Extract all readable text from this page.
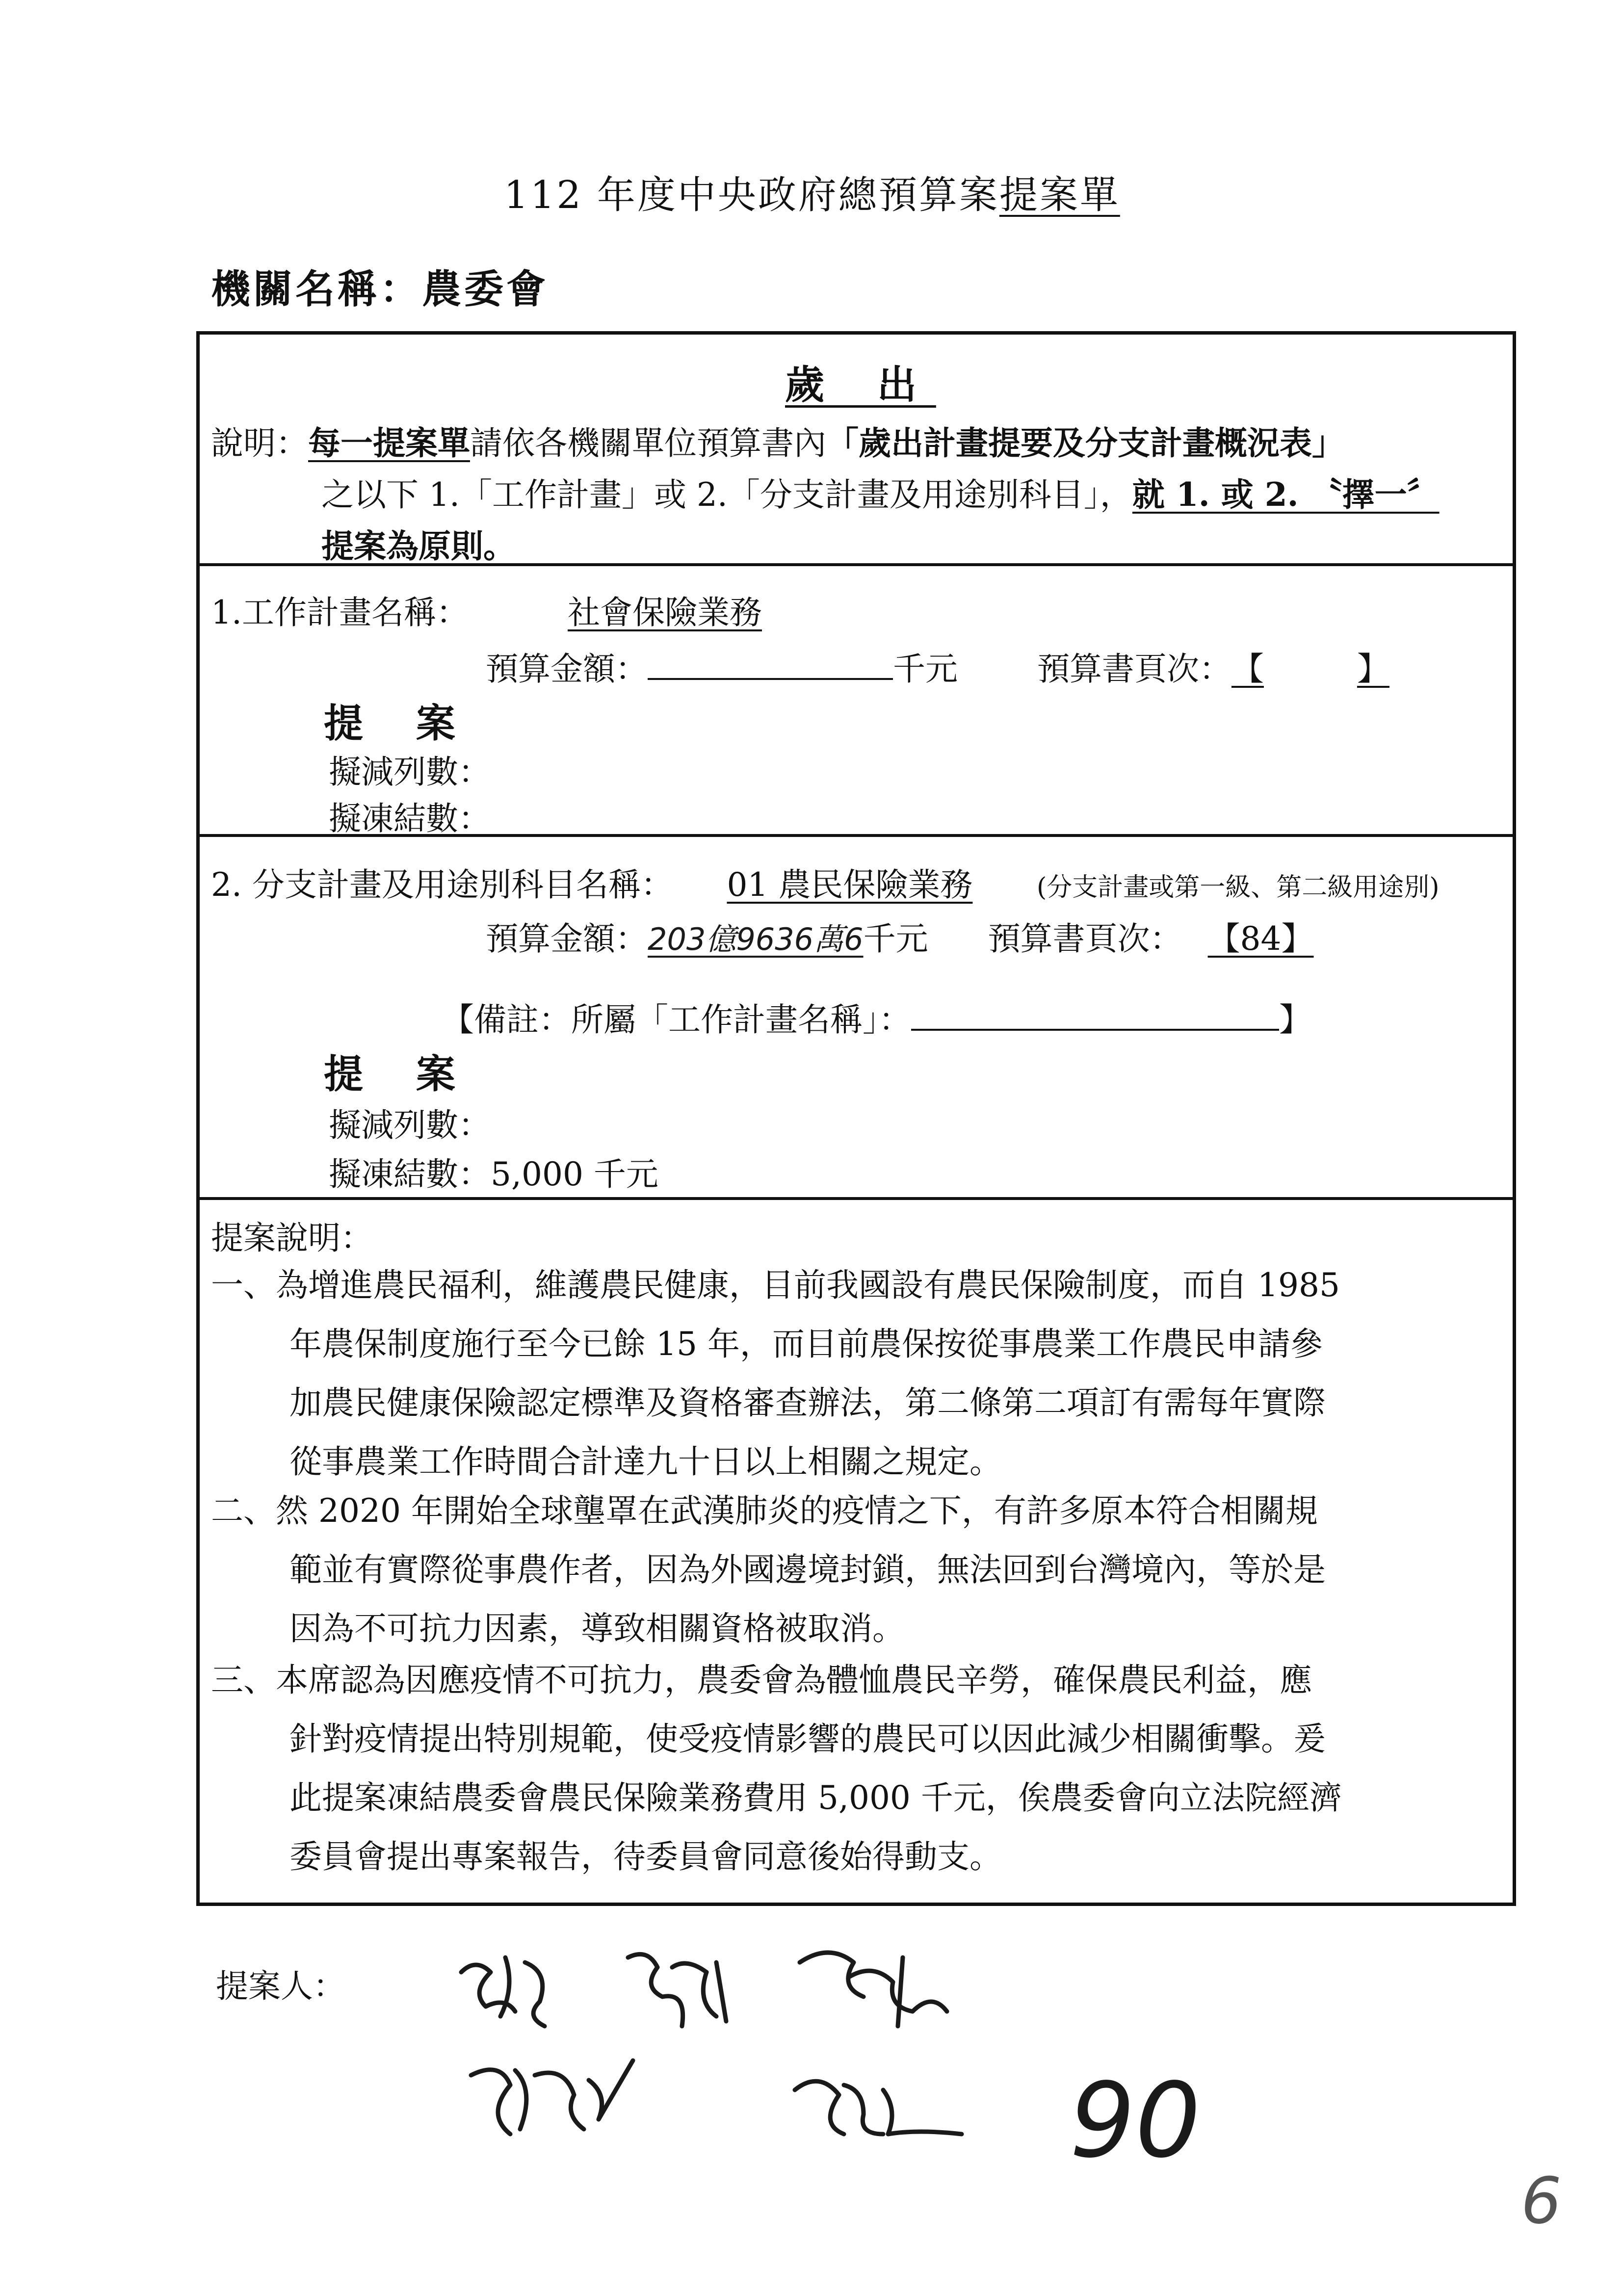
112 年度中央政府總預算案提案單
機關名稱：農委會
歲 出
說明：每一提案單請依各機關單位預算書內「歲出計畫提要及分支計畫概況表」
之以下 1.「工作計畫」或 2.「分支計畫及用途別科目」，就 1. 或 2. 〝擇一〞
提案為原則。
1.工作計畫名稱：	社會保險業務
預算金額：	千元 預算書頁次：【	】
提 案
擬減列數：
擬凍結數：
2. 分支計畫及用途別科目名稱： 01 農民保險業務	(分支計畫或第一級、第二級用途別)
預算金額：203億9636萬6千元 預算書頁次： 【84】
【備註：所屬「工作計畫名稱」：	】
提 案
擬減列數：
擬凍結數：5,000 千元
提案說明：
一、為增進農民福利，維護農民健康，目前我國設有農民保險制度，而自 1985
年農保制度施行至今已餘 15 年，而目前農保按從事農業工作農民申請參
加農民健康保險認定標準及資格審查辦法，第二條第二項訂有需每年實際
從事農業工作時間合計達九十日以上相關之規定。
二、然 2020 年開始全球壟罩在武漢肺炎的疫情之下，有許多原本符合相關規
範並有實際從事農作者，因為外國邊境封鎖，無法回到台灣境內，等於是
因為不可抗力因素，導致相關資格被取消。
三、本席認為因應疫情不可抗力，農委會為體恤農民辛勞，確保農民利益，應
針對疫情提出特別規範，使受疫情影響的農民可以因此減少相關衝擊。爰
此提案凍結農委會農民保險業務費用 5,000 千元，俟農委會向立法院經濟
委員會提出專案報告，待委員會同意後始得動支。
提案人：
90
6
